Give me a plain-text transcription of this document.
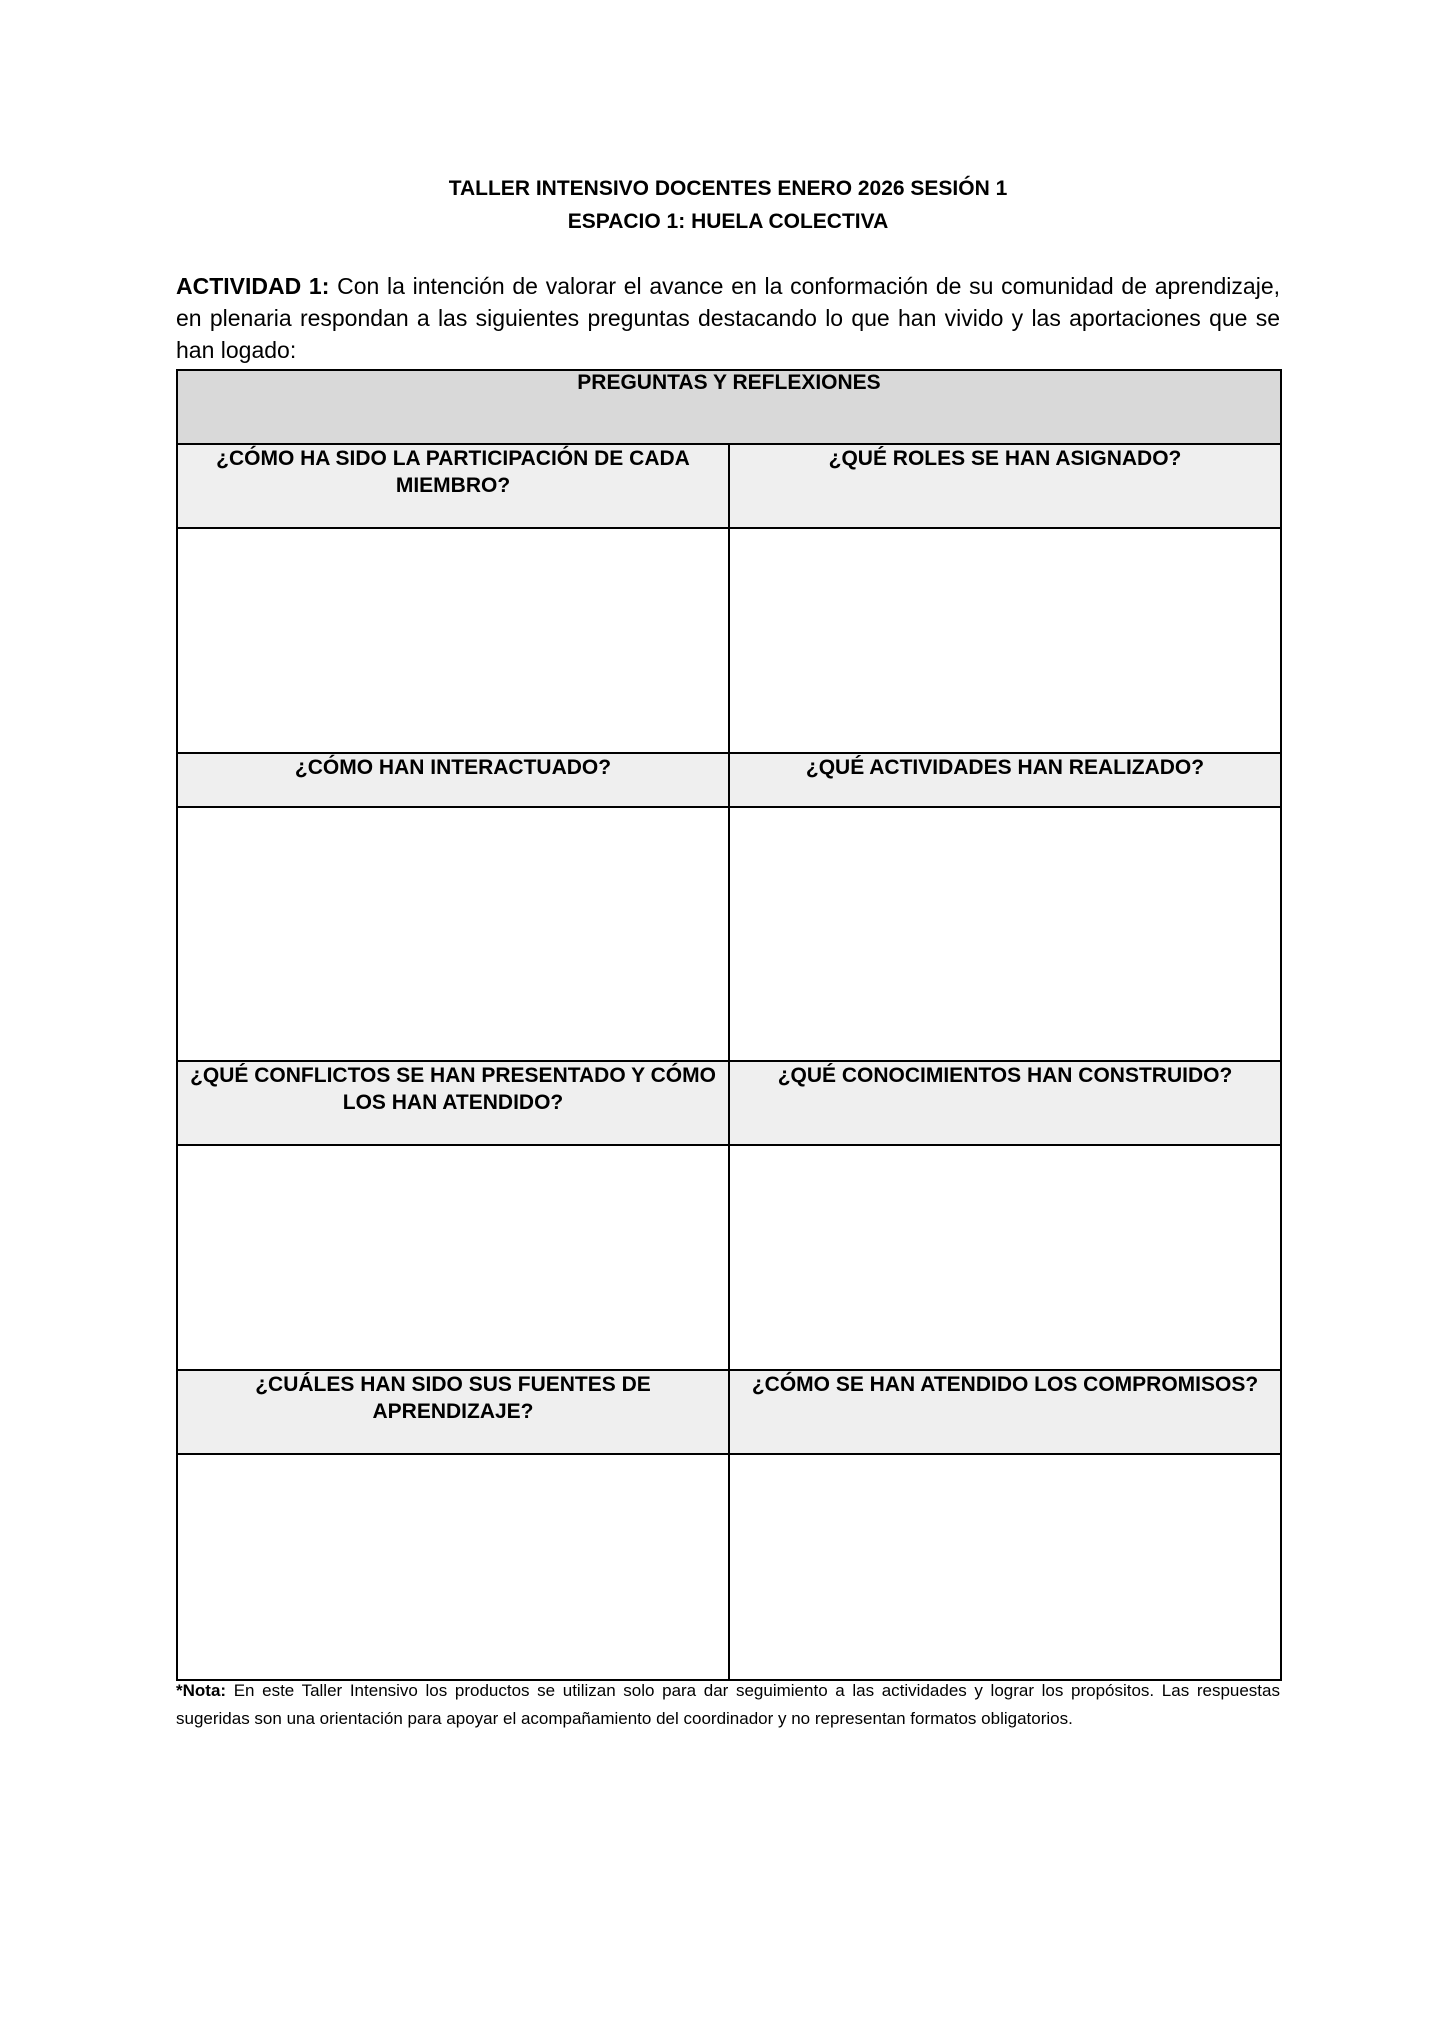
TALLER INTENSIVO DOCENTES ENERO 2026 SESIÓN 1
ESPACIO 1: HUELA COLECTIVA
ACTIVIDAD 1: Con la intención de valorar el avance en la conformación de su comunidad de aprendizaje, en plenaria respondan a las siguientes preguntas destacando lo que han vivido y las aportaciones que se han logado:
PREGUNTAS Y REFLEXIONES	
¿CÓMO HA SIDO LA PARTICIPACIÓN DE CADA MIEMBRO?	¿QUÉ ROLES SE HAN ASIGNADO?

¿CÓMO HAN INTERACTUADO?	¿QUÉ ACTIVIDADES HAN REALIZADO?

¿QUÉ CONFLICTOS SE HAN PRESENTADO Y CÓMO LOS HAN ATENDIDO?	¿QUÉ CONOCIMIENTOS HAN CONSTRUIDO?

¿CUÁLES HAN SIDO SUS FUENTES DE APRENDIZAJE?	¿CÓMO SE HAN ATENDIDO LOS COMPROMISOS?

*Nota: En este Taller Intensivo los productos se utilizan solo para dar seguimiento a las actividades y lograr los propósitos. Las respuestas sugeridas son una orientación para apoyar el acompañamiento del coordinador y no representan formatos obligatorios.
